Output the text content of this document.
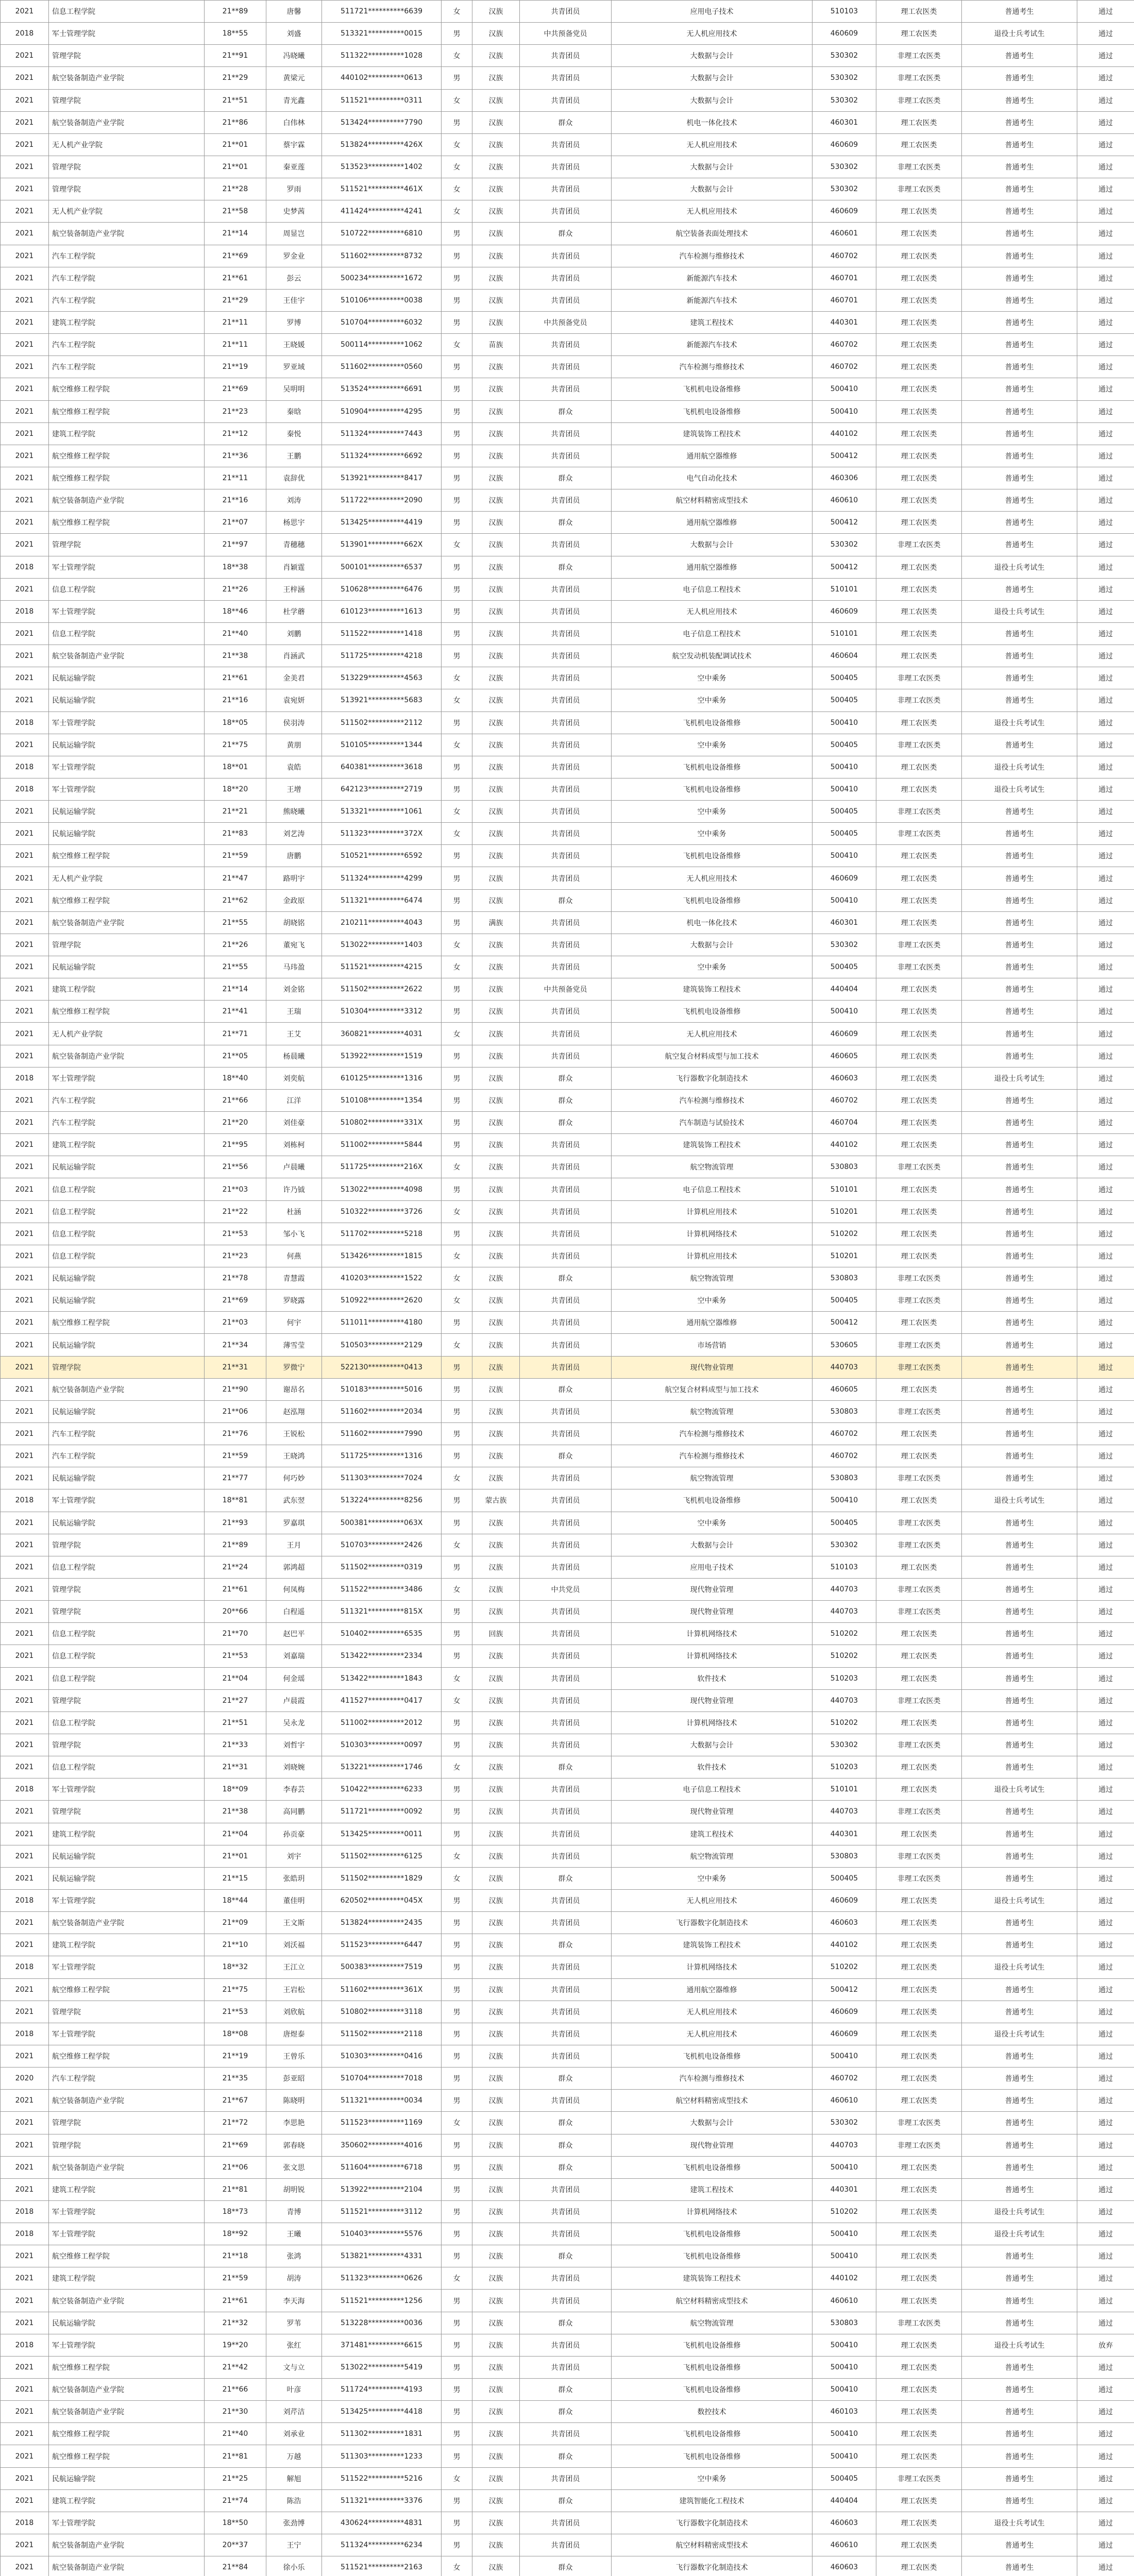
2021	信息工程学院	21**89	唐馨	511721**********6639	女	汉族	共青团员	应用电子技术	510103	理工农医类	普通考生	通过
2018	军士管理学院	18**55	刘盛	513321**********0015	男	汉族	中共预备党员	无人机应用技术	460609	理工农医类	退役士兵考试生	通过
2021	管理学院	21**91	冯晓曦	511322**********1028	女	汉族	共青团员	大数据与会计	530302	非理工农医类	普通考生	通过
2021	航空装备制造产业学院	21**29	黄梁元	440102**********0613	男	汉族	共青团员	大数据与会计	530302	非理工农医类	普通考生	通过
2021	管理学院	21**51	青光鑫	511521**********0311	女	汉族	共青团员	大数据与会计	530302	非理工农医类	普通考生	通过
2021	航空装备制造产业学院	21**86	白伟林	513424**********7790	男	汉族	群众	机电一体化技术	460301	理工农医类	普通考生	通过
2021	无人机产业学院	21**01	蔡宇霖	513824**********426X	女	汉族	共青团员	无人机应用技术	460609	理工农医类	普通考生	通过
2021	管理学院	21**01	秦亚莲	513523**********1402	女	汉族	共青团员	大数据与会计	530302	非理工农医类	普通考生	通过
2021	管理学院	21**28	罗雨	511521**********461X	女	汉族	共青团员	大数据与会计	530302	非理工农医类	普通考生	通过
2021	无人机产业学院	21**58	史梦茜	411424**********4241	女	汉族	共青团员	无人机应用技术	460609	理工农医类	普通考生	通过
2021	航空装备制造产业学院	21**14	周显岂	510722**********6810	男	汉族	群众	航空装备表面处理技术	460601	理工农医类	普通考生	通过
2021	汽车工程学院	21**69	罗金业	511602**********8732	男	汉族	共青团员	汽车检测与维修技术	460702	理工农医类	普通考生	通过
2021	汽车工程学院	21**61	彭云	500234**********1672	男	汉族	共青团员	新能源汽车技术	460701	理工农医类	普通考生	通过
2021	汽车工程学院	21**29	王佳宇	510106**********0038	男	汉族	共青团员	新能源汽车技术	460701	理工农医类	普通考生	通过
2021	建筑工程学院	21**11	罗博	510704**********6032	男	汉族	中共预备党员	建筑工程技术	440301	理工农医类	普通考生	通过
2021	汽车工程学院	21**11	王晓媛	500114**********1062	女	苗族	共青团员	新能源汽车技术	460702	理工农医类	普通考生	通过
2021	汽车工程学院	21**19	罗亚域	511602**********0560	男	汉族	共青团员	汽车检测与维修技术	460702	理工农医类	普通考生	通过
2021	航空维修工程学院	21**69	吴明明	513524**********6691	男	汉族	共青团员	飞机机电设备维修	500410	理工农医类	普通考生	通过
2021	航空维修工程学院	21**23	秦晗	510904**********4295	男	汉族	群众	飞机机电设备维修	500410	理工农医类	普通考生	通过
2021	建筑工程学院	21**12	秦悦	511324**********7443	男	汉族	共青团员	建筑装饰工程技术	440102	理工农医类	普通考生	通过
2021	航空维修工程学院	21**36	王鹏	511324**********6692	男	汉族	共青团员	通用航空器维修	500412	理工农医类	普通考生	通过
2021	航空维修工程学院	21**11	袁辞优	513921**********8417	男	汉族	群众	电气自动化技术	460306	理工农医类	普通考生	通过
2021	航空装备制造产业学院	21**16	刘涛	511722**********2090	男	汉族	共青团员	航空材料精密成型技术	460610	理工农医类	普通考生	通过
2021	航空维修工程学院	21**07	杨思宇	513425**********4419	男	汉族	群众	通用航空器维修	500412	理工农医类	普通考生	通过
2021	管理学院	21**97	青穗穗	513901**********662X	女	汉族	共青团员	大数据与会计	530302	非理工农医类	普通考生	通过
2018	军士管理学院	18**38	肖颖霆	500101**********6537	男	汉族	群众	通用航空器维修	500412	理工农医类	退役士兵考试生	通过
2021	信息工程学院	21**26	王梓涵	510628**********6476	男	汉族	共青团员	电子信息工程技术	510101	理工农医类	普通考生	通过
2018	军士管理学院	18**46	杜学蘑	610123**********1613	男	汉族	共青团员	无人机应用技术	460609	理工农医类	退役士兵考试生	通过
2021	信息工程学院	21**40	刘鹏	511522**********1418	男	汉族	共青团员	电子信息工程技术	510101	理工农医类	普通考生	通过
2021	航空装备制造产业学院	21**38	肖涵武	511725**********4218	男	汉族	共青团员	航空发动机装配调试技术	460604	理工农医类	普通考生	通过
2021	民航运输学院	21**61	金美君	513229**********4563	女	汉族	共青团员	空中乘务	500405	非理工农医类	普通考生	通过
2021	民航运输学院	21**16	袁宛妍	513921**********5683	女	汉族	共青团员	空中乘务	500405	非理工农医类	普通考生	通过
2018	军士管理学院	18**05	侯羽涛	511502**********2112	男	汉族	共青团员	飞机机电设备维修	500410	理工农医类	退役士兵考试生	通过
2021	民航运输学院	21**75	黄朋	510105**********1344	女	汉族	共青团员	空中乘务	500405	非理工农医类	普通考生	通过
2018	军士管理学院	18**01	袁皓	640381**********3618	男	汉族	共青团员	飞机机电设备维修	500410	理工农医类	退役士兵考试生	通过
2018	军士管理学院	18**20	王增	642123**********2719	男	汉族	共青团员	飞机机电设备维修	500410	理工农医类	退役士兵考试生	通过
2021	民航运输学院	21**21	熊晓曦	513321**********1061	女	汉族	共青团员	空中乘务	500405	非理工农医类	普通考生	通过
2021	民航运输学院	21**83	刘艺涛	511323**********372X	女	汉族	共青团员	空中乘务	500405	非理工农医类	普通考生	通过
2021	航空维修工程学院	21**59	唐鹏	510521**********6592	男	汉族	共青团员	飞机机电设备维修	500410	理工农医类	普通考生	通过
2021	无人机产业学院	21**47	路明宇	511324**********4299	男	汉族	共青团员	无人机应用技术	460609	理工农医类	普通考生	通过
2021	航空维修工程学院	21**62	金政原	511321**********6474	男	汉族	群众	飞机机电设备维修	500410	理工农医类	普通考生	通过
2021	航空装备制造产业学院	21**55	胡晓铭	210211**********4043	男	满族	共青团员	机电一体化技术	460301	理工农医类	普通考生	通过
2021	管理学院	21**26	董宛飞	513022**********1403	女	汉族	共青团员	大数据与会计	530302	非理工农医类	普通考生	通过
2021	民航运输学院	21**55	马玮盈	511521**********4215	女	汉族	共青团员	空中乘务	500405	非理工农医类	普通考生	通过
2021	建筑工程学院	21**14	刘金铭	511502**********2622	男	汉族	中共预备党员	建筑装饰工程技术	440404	理工农医类	普通考生	通过
2021	航空维修工程学院	21**41	王瑞	510304**********3312	男	汉族	共青团员	飞机机电设备维修	500410	理工农医类	普通考生	通过
2021	无人机产业学院	21**71	王艾	360821**********4031	女	汉族	共青团员	无人机应用技术	460609	理工农医类	普通考生	通过
2021	航空装备制造产业学院	21**05	杨晨曦	513922**********1519	男	汉族	共青团员	航空复合材料成型与加工技术	460605	理工农医类	普通考生	通过
2018	军士管理学院	18**40	刘奕航	610125**********1316	男	汉族	群众	飞行器数字化制造技术	460603	理工农医类	退役士兵考试生	通过
2021	汽车工程学院	21**66	江洋	510108**********1354	男	汉族	群众	汽车检测与维修技术	460702	理工农医类	普通考生	通过
2021	汽车工程学院	21**20	刘佳豪	510802**********331X	男	汉族	群众	汽车制造与试验技术	460704	理工农医类	普通考生	通过
2021	建筑工程学院	21**95	刘栋柯	511002**********5844	男	汉族	共青团员	建筑装饰工程技术	440102	理工农医类	普通考生	通过
2021	民航运输学院	21**56	卢晨曦	511725**********216X	女	汉族	共青团员	航空物流管理	530803	非理工农医类	普通考生	通过
2021	信息工程学院	21**03	许乃钺	513022**********4098	男	汉族	共青团员	电子信息工程技术	510101	理工农医类	普通考生	通过
2021	信息工程学院	21**22	杜涵	510322**********3726	女	汉族	共青团员	计算机应用技术	510201	理工农医类	普通考生	通过
2021	信息工程学院	21**53	邹小飞	511702**********5218	男	汉族	共青团员	计算机网络技术	510202	理工农医类	普通考生	通过
2021	信息工程学院	21**23	何燕	513426**********1815	女	汉族	共青团员	计算机应用技术	510201	理工农医类	普通考生	通过
2021	民航运输学院	21**78	青慧霞	410203**********1522	女	汉族	群众	航空物流管理	530803	非理工农医类	普通考生	通过
2021	民航运输学院	21**69	罗晓露	510922**********2620	女	汉族	共青团员	空中乘务	500405	非理工农医类	普通考生	通过
2021	航空维修工程学院	21**03	何宇	511011**********4180	男	汉族	共青团员	通用航空器维修	500412	理工农医类	普通考生	通过
2021	民航运输学院	21**34	薄雪莹	510503**********2129	女	汉族	共青团员	市场营销	530605	非理工农医类	普通考生	通过
2021	管理学院	21**31	罗微宁	522130**********0413	男	汉族	共青团员	现代物业管理	440703	非理工农医类	普通考生	通过
2021	航空装备制造产业学院	21**90	谢昂名	510183**********5016	男	汉族	群众	航空复合材料成型与加工技术	460605	理工农医类	普通考生	通过
2021	民航运输学院	21**06	赵泓翔	511602**********2034	男	汉族	共青团员	航空物流管理	530803	非理工农医类	普通考生	通过
2021	汽车工程学院	21**76	王锐松	511602**********7990	男	汉族	共青团员	汽车检测与维修技术	460702	理工农医类	普通考生	通过
2021	汽车工程学院	21**59	王晓鸿	511725**********1316	男	汉族	群众	汽车检测与维修技术	460702	理工农医类	普通考生	通过
2021	民航运输学院	21**77	何巧妙	511303**********7024	女	汉族	共青团员	航空物流管理	530803	非理工农医类	普通考生	通过
2018	军士管理学院	18**81	武东翌	513224**********8256	男	蒙古族	共青团员	飞机机电设备维修	500410	理工农医类	退役士兵考试生	通过
2021	民航运输学院	21**93	罗嘉琪	500381**********063X	男	汉族	共青团员	空中乘务	500405	非理工农医类	普通考生	通过
2021	管理学院	21**89	王月	510703**********2426	女	汉族	共青团员	大数据与会计	530302	非理工农医类	普通考生	通过
2021	信息工程学院	21**24	郭鸿超	511502**********0319	男	汉族	共青团员	应用电子技术	510103	理工农医类	普通考生	通过
2021	管理学院	21**61	何凤梅	511522**********3486	女	汉族	中共党员	现代物业管理	440703	非理工农医类	普通考生	通过
2021	管理学院	20**66	白程遥	511321**********815X	男	汉族	共青团员	现代物业管理	440703	非理工农医类	普通考生	通过
2021	信息工程学院	21**70	赵巴平	510402**********6535	男	回族	共青团员	计算机网络技术	510202	理工农医类	普通考生	通过
2021	信息工程学院	21**53	刘嘉瑞	513422**********2334	男	汉族	共青团员	计算机网络技术	510202	理工农医类	普通考生	通过
2021	信息工程学院	21**04	何金瑶	513422**********1843	女	汉族	共青团员	软件技术	510203	理工农医类	普通考生	通过
2021	管理学院	21**27	卢晨霞	411527**********0417	女	汉族	共青团员	现代物业管理	440703	非理工农医类	普通考生	通过
2021	信息工程学院	21**51	吴永龙	511002**********2012	男	汉族	共青团员	计算机网络技术	510202	理工农医类	普通考生	通过
2021	管理学院	21**33	刘哲宇	510303**********0097	男	汉族	共青团员	大数据与会计	530302	非理工农医类	普通考生	通过
2021	信息工程学院	21**31	刘晓婉	513221**********1746	女	汉族	群众	软件技术	510203	理工农医类	普通考生	通过
2018	军士管理学院	18**09	李春芸	510422**********6233	男	汉族	共青团员	电子信息工程技术	510101	理工农医类	退役士兵考试生	通过
2021	管理学院	21**38	高同鹏	511721**********0092	男	汉族	共青团员	现代物业管理	440703	非理工农医类	普通考生	通过
2021	建筑工程学院	21**04	孙贡豪	513425**********0011	男	汉族	共青团员	建筑工程技术	440301	理工农医类	普通考生	通过
2021	民航运输学院	21**01	刘宇	511502**********6125	女	汉族	共青团员	航空物流管理	530803	非理工农医类	普通考生	通过
2021	民航运输学院	21**15	张皓玥	511502**********1829	女	汉族	群众	空中乘务	500405	非理工农医类	普通考生	通过
2018	军士管理学院	18**44	董佳明	620502**********045X	男	汉族	共青团员	无人机应用技术	460609	理工农医类	退役士兵考试生	通过
2021	航空装备制造产业学院	21**09	王文斯	513824**********2435	男	汉族	共青团员	飞行器数字化制造技术	460603	理工农医类	普通考生	通过
2021	建筑工程学院	21**10	刘沃福	511523**********6447	男	汉族	群众	建筑装饰工程技术	440102	理工农医类	普通考生	通过
2018	军士管理学院	18**32	王江立	500383**********7519	男	汉族	共青团员	计算机网络技术	510202	理工农医类	退役士兵考试生	通过
2021	航空维修工程学院	21**75	王岩松	511602**********361X	男	汉族	共青团员	通用航空器维修	500412	理工农医类	普通考生	通过
2021	管理学院	21**53	刘欣航	510802**********3118	男	汉族	共青团员	无人机应用技术	460609	理工农医类	普通考生	通过
2018	军士管理学院	18**08	唐煜泰	511502**********2118	男	汉族	共青团员	无人机应用技术	460609	理工农医类	退役士兵考试生	通过
2021	航空维修工程学院	21**19	王曾乐	510303**********0416	男	汉族	共青团员	飞机机电设备维修	500410	理工农医类	普通考生	通过
2020	汽车工程学院	21**35	彭亚昭	510704**********7018	男	汉族	群众	汽车检测与维修技术	460702	理工农医类	普通考生	通过
2021	航空装备制造产业学院	21**67	陈晓明	511321**********0034	男	汉族	共青团员	航空材料精密成型技术	460610	理工农医类	普通考生	通过
2021	管理学院	21**72	李思艳	511523**********1169	女	汉族	群众	大数据与会计	530302	非理工农医类	普通考生	通过
2021	管理学院	21**69	郭春晓	350602**********4016	男	汉族	群众	现代物业管理	440703	非理工农医类	普通考生	通过
2021	航空装备制造产业学院	21**06	张文思	511604**********6718	男	汉族	群众	飞机机电设备维修	500410	理工农医类	普通考生	通过
2021	建筑工程学院	21**81	胡明锐	513922**********2104	男	汉族	共青团员	建筑工程技术	440301	理工农医类	普通考生	通过
2018	军士管理学院	18**73	青博	511521**********3112	男	汉族	共青团员	计算机网络技术	510202	理工农医类	退役士兵考试生	通过
2018	军士管理学院	18**92	王曦	510403**********5576	男	汉族	共青团员	飞机机电设备维修	500410	理工农医类	退役士兵考试生	通过
2021	航空维修工程学院	21**18	张鸿	513821**********4331	男	汉族	群众	飞机机电设备维修	500410	理工农医类	普通考生	通过
2021	建筑工程学院	21**59	胡涛	511323**********0626	女	汉族	共青团员	建筑装饰工程技术	440102	理工农医类	普通考生	通过
2021	航空装备制造产业学院	21**61	李天海	511521**********1256	男	汉族	共青团员	航空材料精密成型技术	460610	理工农医类	普通考生	通过
2021	民航运输学院	21**32	罗苇	513228**********0036	男	汉族	群众	航空物流管理	530803	非理工农医类	普通考生	通过
2018	军士管理学院	19**20	张红	371481**********6615	男	汉族	共青团员	飞机机电设备维修	500410	理工农医类	退役士兵考试生	放弃
2021	航空维修工程学院	21**42	文与立	513022**********5419	男	汉族	共青团员	飞机机电设备维修	500410	理工农医类	普通考生	通过
2021	航空装备制造产业学院	21**66	叶彦	511724**********4193	男	汉族	群众	飞机机电设备维修	500410	理工农医类	普通考生	通过
2021	航空装备制造产业学院	21**30	刘芹洁	513425**********4418	男	汉族	群众	数控技术	460103	理工农医类	普通考生	通过
2021	航空维修工程学院	21**40	刘承业	511302**********1831	男	汉族	共青团员	飞机机电设备维修	500410	理工农医类	普通考生	通过
2021	航空维修工程学院	21**81	万越	511303**********1233	男	汉族	群众	飞机机电设备维修	500410	理工农医类	普通考生	通过
2021	民航运输学院	21**25	解旭	511522**********5216	女	汉族	共青团员	空中乘务	500405	非理工农医类	普通考生	通过
2021	建筑工程学院	21**74	陈浩	511321**********3376	男	汉族	群众	建筑智能化工程技术	440404	理工农医类	普通考生	通过
2018	军士管理学院	18**50	张劲博	430624**********4831	男	汉族	共青团员	飞行器数字化制造技术	460603	理工农医类	退役士兵考试生	通过
2021	航空装备制造产业学院	20**37	王宁	511324**********6234	男	汉族	共青团员	航空材料精密成型技术	460610	理工农医类	普通考生	通过
2021	航空装备制造产业学院	21**84	徐小乐	511521**********2163	女	汉族	群众	飞行器数字化制造技术	460603	理工农医类	普通考生	通过
